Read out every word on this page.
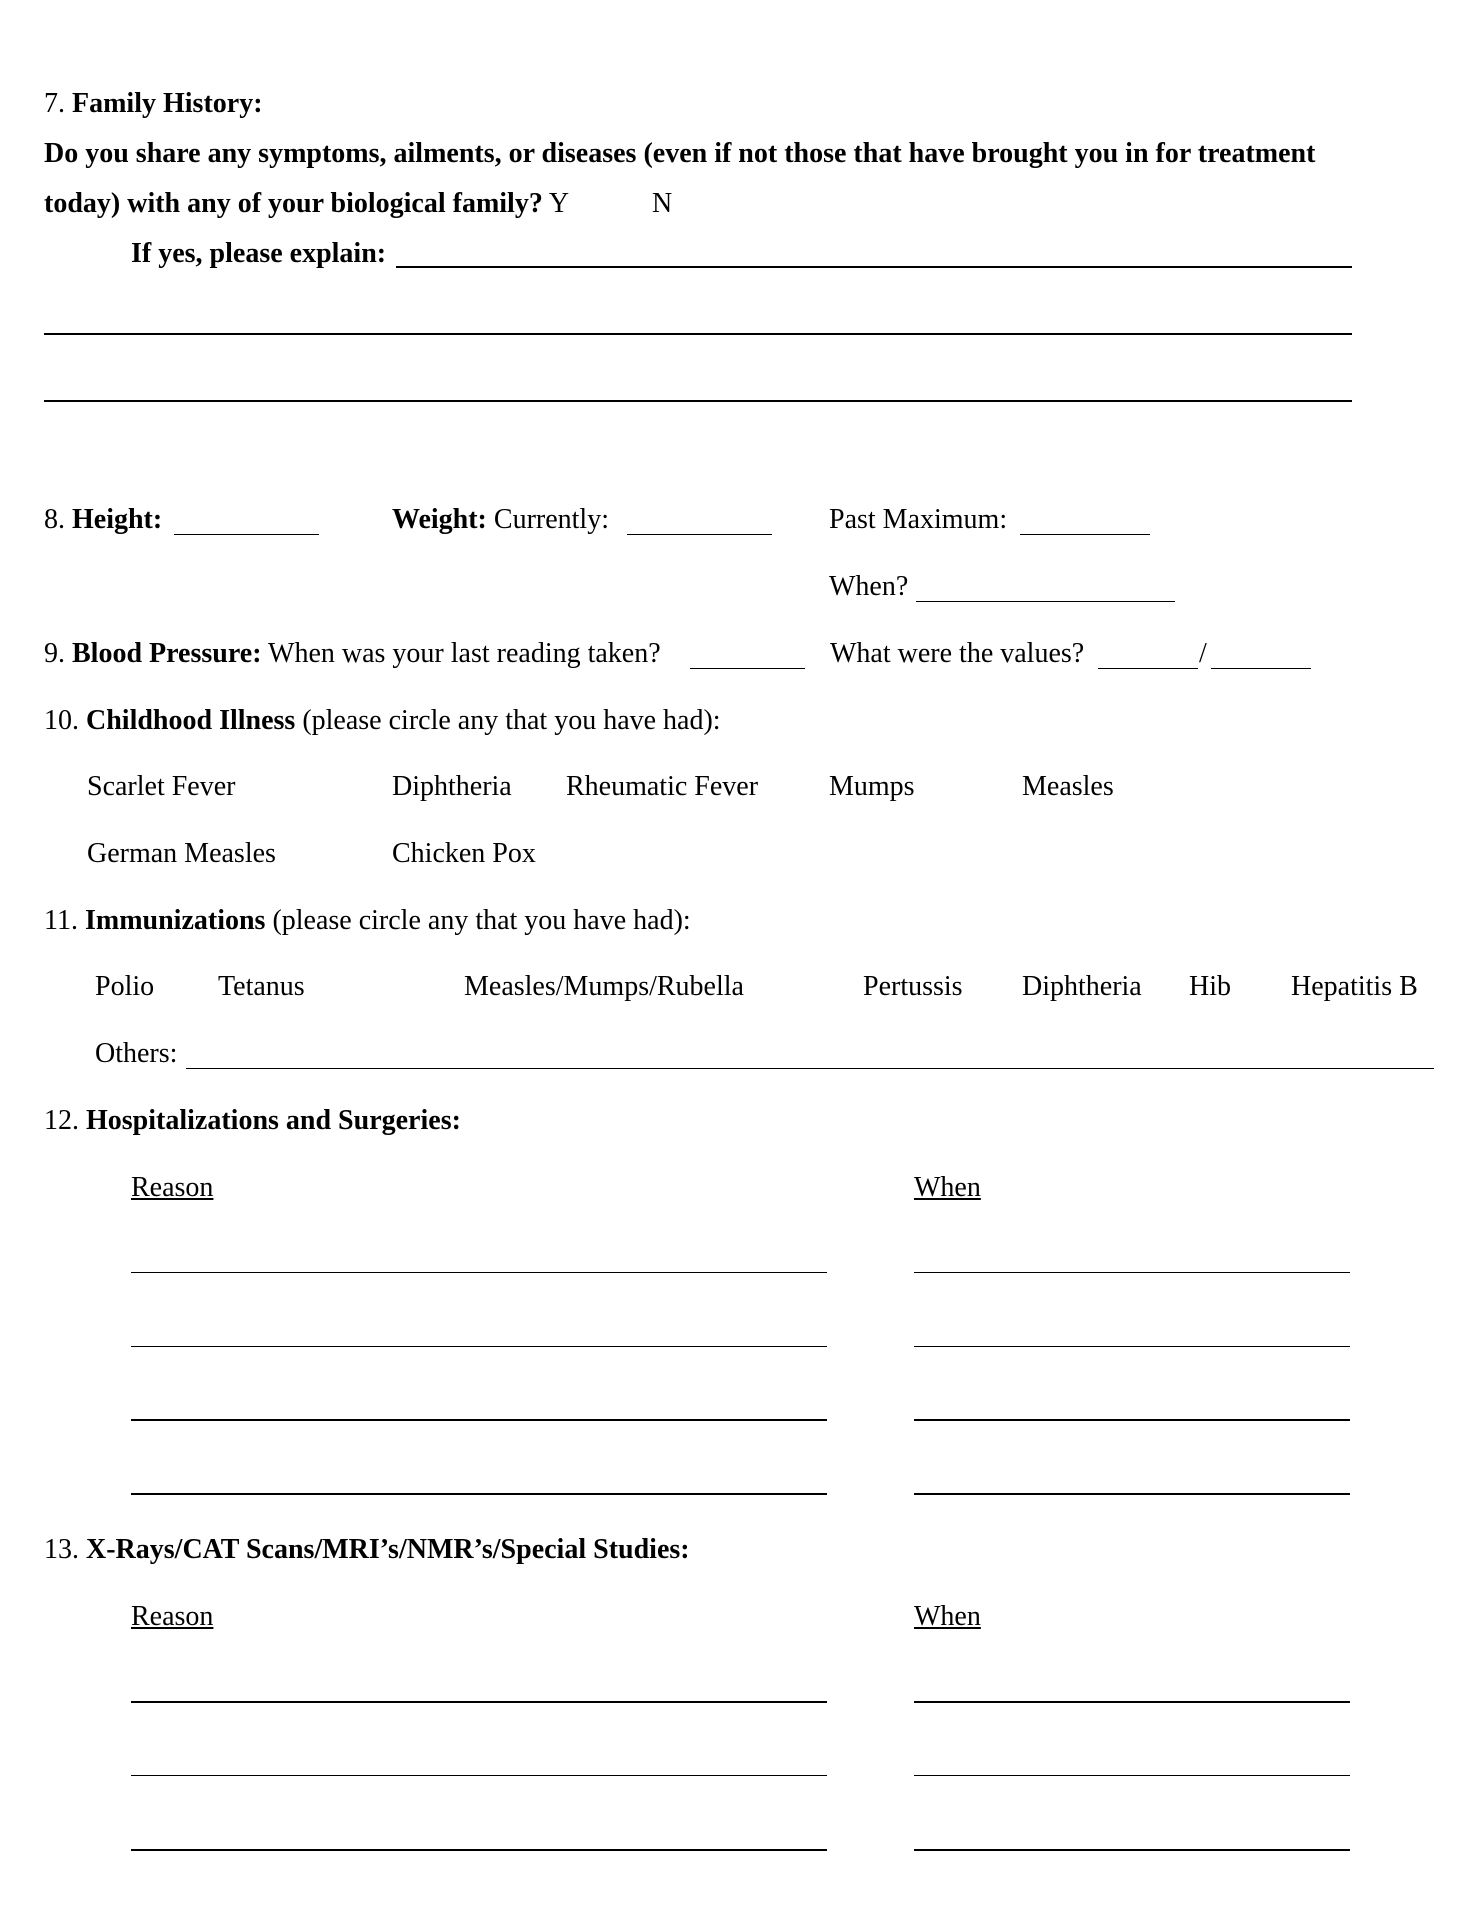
7. Family History:
Do you share any symptoms, ailments, or diseases (even if not those that have brought you in for treatment
today) with any of your biological family? Y	N
If yes, please explain:
8. Height:	Weight: Currently:	Past Maximum:
When?
9. Blood Pressure: When was your last reading taken?	What were the values?	/
10. Childhood Illness (please circle any that you have had):
Scarlet Fever	Diphtheria Rheumatic Fever	Mumps	Measles
German Measles	Chicken Pox
11. Immunizations (please circle any that you have had):
Polio Tetanus	Measles/Mumps/Rubella	Pertussis Diphtheria Hib Hepatitis B
Others:
12. Hospitalizations and Surgeries:
Reason	When
13. X-Rays/CAT Scans/MRI’s/NMR’s/Special Studies:
Reason	When
